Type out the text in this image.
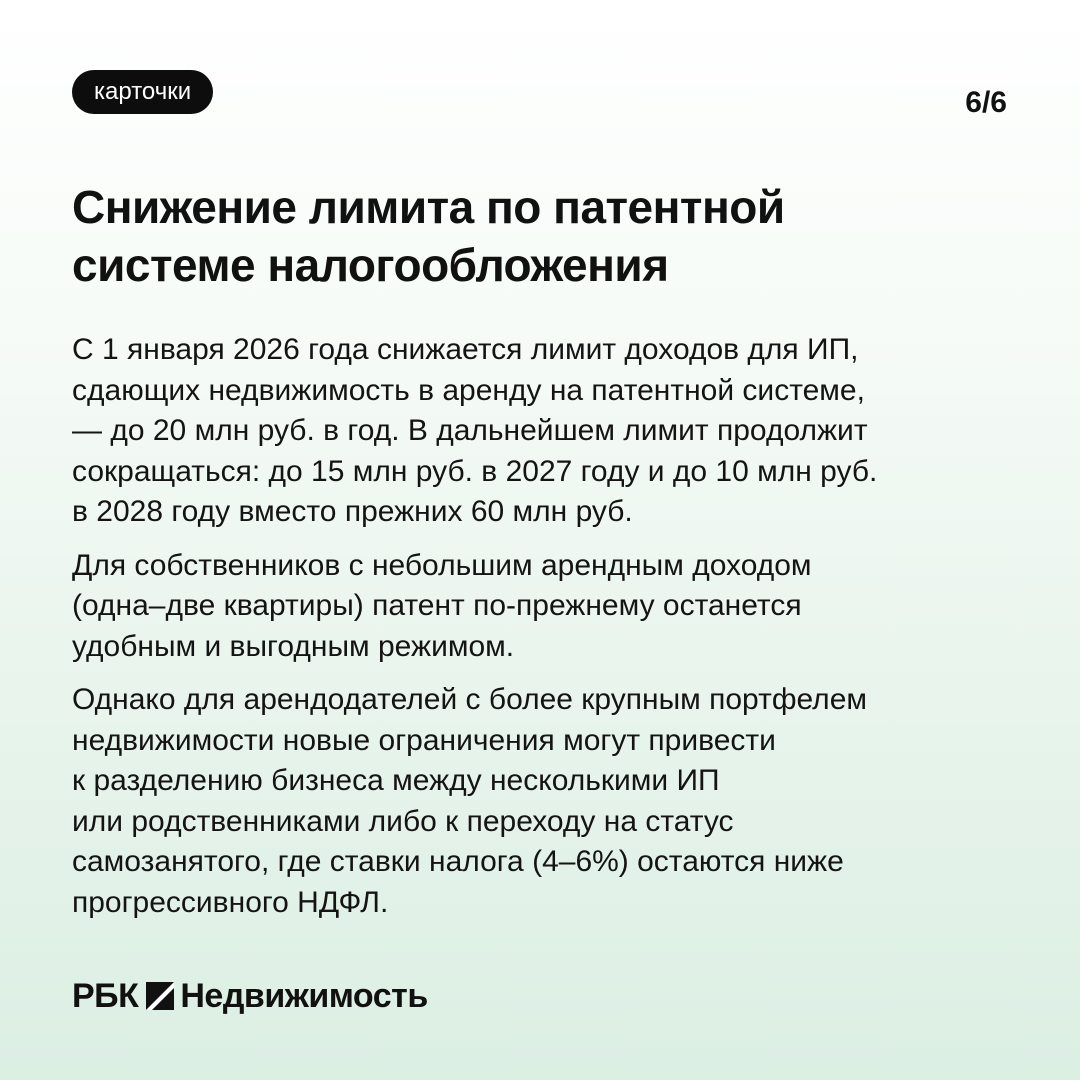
карточки	6/6
Снижение лимита по патентной
системе налогообложения

С 1 января 2026 года снижается лимит доходов для ИП,
сдающих недвижимость в аренду на патентной системе,
— до 20 млн руб. в год. В дальнейшем лимит продолжит
сокращаться: до 15 млн руб. в 2027 году и до 10 млн руб.
в 2028 году вместо прежних 60 млн руб.

Для собственников с небольшим арендным доходом
(одна–две квартиры) патент по-прежнему останется
удобным и выгодным режимом.

Однако для арендодателей с более крупным портфелем
недвижимости новые ограничения могут привести
к разделению бизнеса между несколькими ИП
или родственниками либо к переходу на статус
самозанятого, где ставки налога (4–6%) остаются ниже
прогрессивного НДФЛ.

РБК Недвижимость
